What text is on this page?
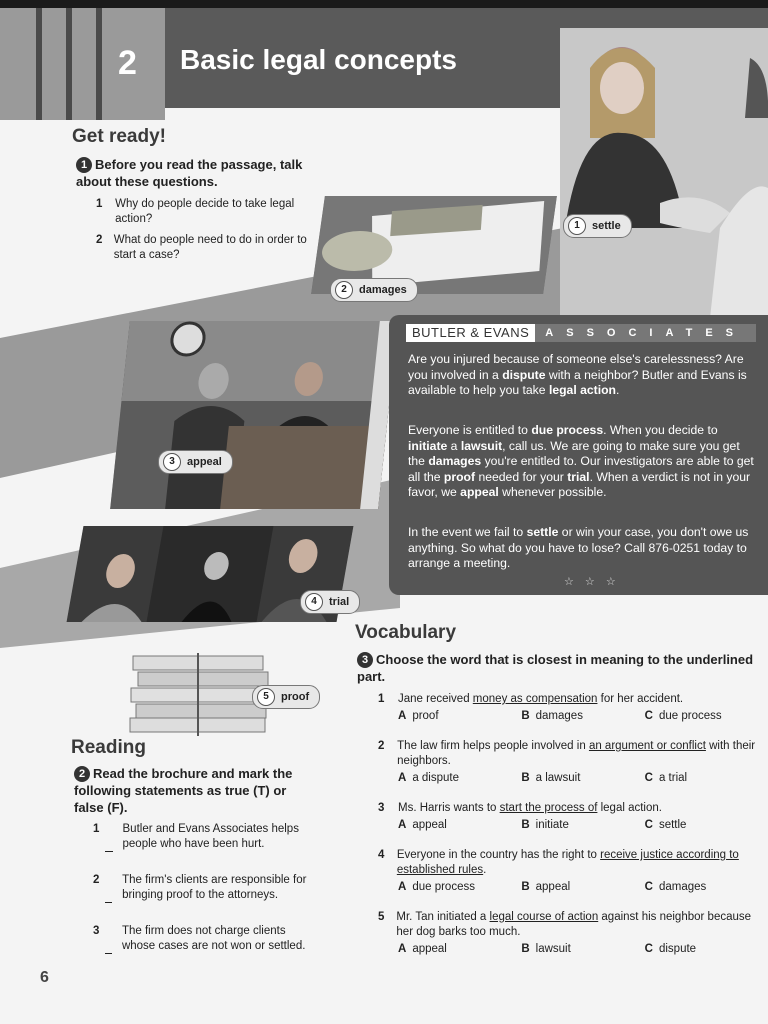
2 Basic legal concepts
1	settle
2	damages
3	appeal
4	trial
5	proof
Get ready!
1 Before you read the passage, talk about these questions.
1 Why do people decide to take legal action?
2 What do people need to do in order to start a case?
BUTLER & EVANS	ASSOCIATES
Are you injured because of someone else's carelessness? Are you involved in a dispute with a neighbor? Butler and Evans is available to help you take legal action.
Everyone is entitled to due process. When you decide to initiate a lawsuit, call us. We are going to make sure you get the damages you're entitled to. Our investigators are able to get all the proof needed for your trial. When a verdict is not in your favor, we appeal whenever possible.
In the event we fail to settle or win your case, you don't owe us anything. So what do you have to lose? Call 876-0251 today to arrange a meeting.
☆ ☆ ☆
Vocabulary
3 Choose the word that is closest in meaning to the underlined part.
1 Jane received money as compensation for her accident.
A proof	B damages	C due process
2 The law firm helps people involved in an argument or conflict with their neighbors.
A a dispute	B a lawsuit	C a trial
3 Ms. Harris wants to start the process of legal action.
A appeal	B initiate	C settle
4 Everyone in the country has the right to receive justice according to established rules.
A due process	B appeal	C damages
5 Mr. Tan initiated a legal course of action against his neighbor because her dog barks too much.
A appeal	B lawsuit	C dispute
Reading
2 Read the brochure and mark the following statements as true (T) or false (F).
1 Butler and Evans Associates helps people who have been hurt.
2 The firm's clients are responsible for bringing proof to the attorneys.
3 The firm does not charge clients whose cases are not won or settled.
6
